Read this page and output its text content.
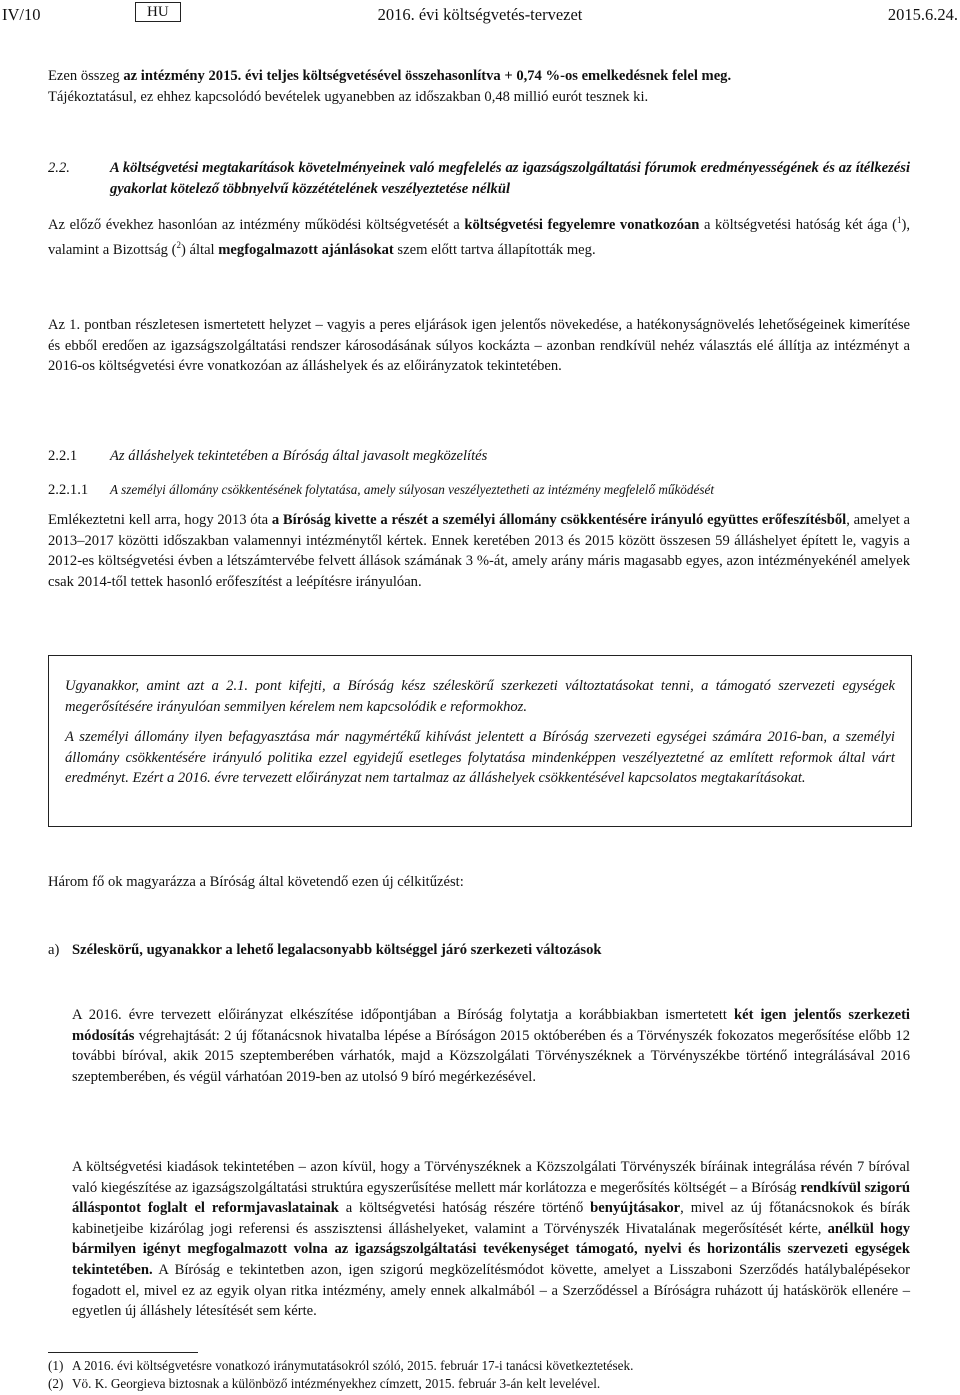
2016. évi költségvetés-tervezet
IV/10	HU	2015.6.24.

Ezen összeg az intézmény 2015. évi teljes költségvetésével összehasonlítva + 0,74 %-os emelkedésnek felel meg.

Tájékoztatásul, ez ehhez kapcsolódó bevételek ugyanebben az időszakban 0,48 millió eurót tesznek ki.

2.2.	A költségvetési megtakarítások követelményeinek való megfelelés az igazságszolgáltatási fórumok eredményességének és az ítélkezési gyakorlat kötelező többnyelvű közzétételének veszélyeztetése nélkül

Az előző évekhez hasonlóan az intézmény működési költségvetését a költségvetési fegyelemre vonatkozóan a költségvetési hatóság két ága ($^1$), valamint a Bizottság ($^2$) által megfogalmazott ajánlásokat szem előtt tartva állapították meg.

Az 1. pontban részletesen ismertetett helyzet – vagyis a peres eljárások igen jelentős növekedése, a hatékonyságnövelés lehetőségeinek kimerítése és ebből eredően az igazságszolgáltatási rendszer károsodásának súlyos kockázta – azonban rendkívül nehéz választás elé állítja az intézményt a 2016-os költségvetési évre vonatkozóan az álláshelyek és az előirányzatok tekintetében.

2.2.1	Az álláshelyek tekintetében a Bíróság által javasolt megközelítés

2.2.1.1	A személyi állomány csökkentésének folytatása, amely súlyosan veszélyeztetheti az intézmény megfelelő működését

Emlékeztetni kell arra, hogy 2013 óta a Bíróság kivette a részét a személyi állomány csökkentésére irányuló együttes erőfeszítésből, amelyet a 2013–2017 közötti időszakban valamennyi intézménytől kértek. Ennek keretében 2013 és 2015 között összesen 59 álláshelyet épített le, vagyis a 2012-es költségvetési évben a létszámtervébe felvett állások számának 3 %-át, amely arány máris magasabb egyes, azon intézményekénél amelyek csak 2014-től tettek hasonló erőfeszítést a leépítésre irányulóan.

Ugyanakkor, amint azt a 2.1. pont kifejti, a Bíróság kész széleskörű szerkezeti változtatásokat tenni, a támogató szervezeti egységek megerősítésére irányulóan semmilyen kérelem nem kapcsolódik e reformokhoz.

A személyi állomány ilyen befagyasztása már nagymértékű kihívást jelentett a Bíróság szervezeti egységei számára 2016-ban, a személyi állomány csökkentésére irányuló politika ezzel egyidejű esetleges folytatása mindenképpen veszélyeztetné az említett reformok által várt eredményt. Ezért a 2016. évre tervezett előirányzat nem tartalmaz az álláshelyek csökkentésével kapcsolatos megtakarításokat.

Három fő ok magyarázza a Bíróság által követendő ezen új célkitűzést:

a) Széleskörű, ugyanakkor a lehető legalacsonyabb költséggel járó szerkezeti változások

A 2016. évre tervezett előirányzat elkészítése időpontjában a Bíróság folytatja a korábbiakban ismertetett két igen jelentős szerkezeti módosítás végrehajtását: 2 új főtanácsnok hivatalba lépése a Bíróságon 2015 októberében és a Törvényszék fokozatos megerősítése előbb 12 további bíróval, akik 2015 szeptemberében várhatók, majd a Közszolgálati Törvényszéknek a Törvényszékbe történő integrálásával 2016 szeptemberében, és végül várhatóan 2019-ben az utolsó 9 bíró megérkezésével.

A költségvetési kiadások tekintetében – azon kívül, hogy a Törvényszéknek a Közszolgálati Törvényszék bíráinak integrálása révén 7 bíróval való kiegészítése az igazságszolgáltatási struktúra egyszerűsítése mellett már korlátozza e megerősítés költségét – a Bíróság rendkívül szigorú álláspontot foglalt el reformjavaslatainak a költségvetési hatóság részére történő benyújtásakor, mivel az új főtanácsnokok és bírák kabinetjeibe kizárólag jogi referensi és asszisztensi álláshelyeket, valamint a Törvényszék Hivatalának megerősítését kérte, anélkül hogy bármilyen igényt megfogalmazott volna az igazságszolgáltatási tevékenységet támogató, nyelvi és horizontális szervezeti egységek tekintetében. A Bíróság e tekintetben azon, igen szigorú megközelítésmódot követte, amelyet a Lisszaboni Szerződés hatálybalépésekor fogadott el, mivel ez az egyik olyan ritka intézmény, amely ennek alkalmából – a Szerződéssel a Bíróságra ruházott új hatáskörök ellenére – egyetlen új álláshely létesítését sem kérte.

(1) A 2016. évi költségvetésre vonatkozó iránymutatásokról szóló, 2015. február 17-i tanácsi következtetések.
(2) Vö. K. Georgieva biztosnak a különböző intézményekhez címzett, 2015. február 3-án kelt levelével.
